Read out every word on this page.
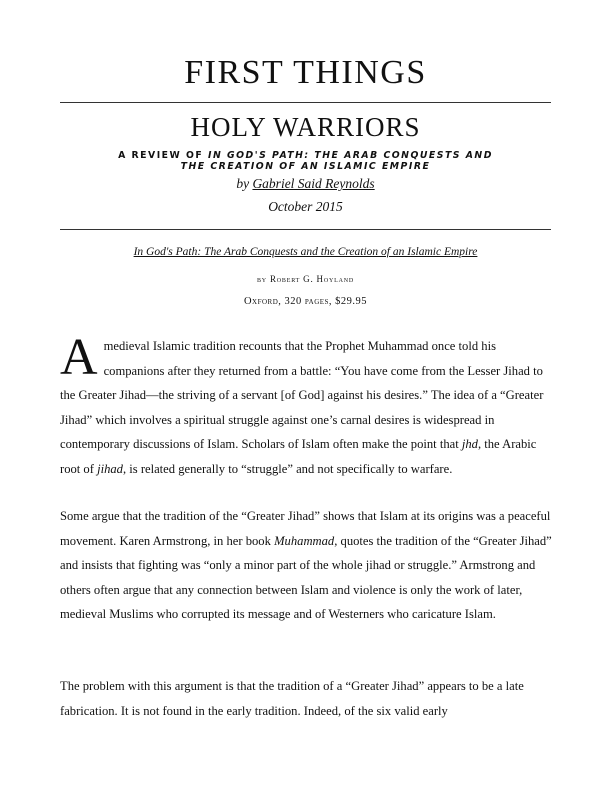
FIRST THINGS
HOLY WARRIORS
A REVIEW OF IN GOD'S PATH: THE ARAB CONQUESTS AND THE CREATION OF AN ISLAMIC EMPIRE
by Gabriel Said Reynolds
October 2015
In God's Path: The Arab Conquests and the Creation of an Islamic Empire
by Robert G. Hoyland
Oxford, 320 pages, $29.95
Amedieval Islamic tradition recounts that the Prophet Muhammad once told his companions after they returned from a battle: “You have come from the Lesser Jihad to the Greater Jihad—the striving of a servant [of God] against his desires.” The idea of a “Greater Jihad” which involves a spiritual struggle against one’s carnal desires is widespread in contemporary discussions of Islam. Scholars of Islam often make the point that jhd, the Arabic root of jihad, is related generally to “struggle” and not specifically to warfare.
Some argue that the tradition of the “Greater Jihad” shows that Islam at its origins was a peaceful movement. Karen Armstrong, in her book Muhammad, quotes the tradition of the “Greater Jihad” and insists that fighting was “only a minor part of the whole jihad or struggle.” Armstrong and others often argue that any connection between Islam and violence is only the work of later, medieval Muslims who corrupted its message and of Westerners who caricature Islam.
The problem with this argument is that the tradition of a “Greater Jihad” appears to be a late fabrication. It is not found in the early tradition. Indeed, of the six valid early
